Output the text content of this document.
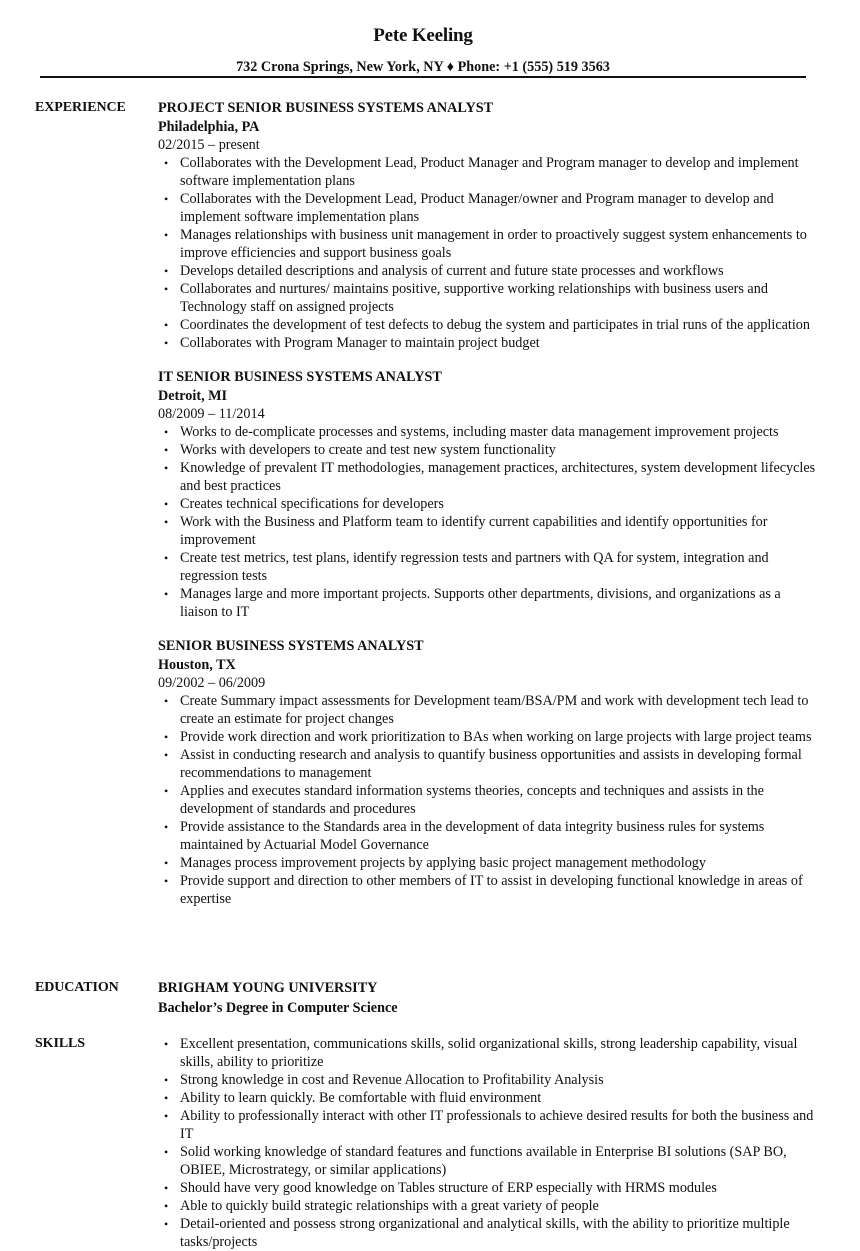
Pete Keeling
732 Crona Springs, New York, NY ♦ Phone: +1 (555) 519 3563
EXPERIENCE PROJECT SENIOR BUSINESS SYSTEMS ANALYST
Philadelphia, PA
02/2015 – present
• Collaborates with the Development Lead, Product Manager and Program manager to develop and implement software implementation plans
• Collaborates with the Development Lead, Product Manager/owner and Program manager to develop and implement software implementation plans
• Manages relationships with business unit management in order to proactively suggest system enhancements to improve efficiencies and support business goals
• Develops detailed descriptions and analysis of current and future state processes and workflows
• Collaborates and nurtures/ maintains positive, supportive working relationships with business users and Technology staff on assigned projects
• Coordinates the development of test defects to debug the system and participates in trial runs of the application
• Collaborates with Program Manager to maintain project budget
IT SENIOR BUSINESS SYSTEMS ANALYST
Detroit, MI
08/2009 – 11/2014
• Works to de-complicate processes and systems, including master data management improvement projects
• Works with developers to create and test new system functionality
• Knowledge of prevalent IT methodologies, management practices, architectures, system development lifecycles and best practices
• Creates technical specifications for developers
• Work with the Business and Platform team to identify current capabilities and identify opportunities for improvement
• Create test metrics, test plans, identify regression tests and partners with QA for system, integration and regression tests
• Manages large and more important projects. Supports other departments, divisions, and organizations as a liaison to IT
SENIOR BUSINESS SYSTEMS ANALYST
Houston, TX
09/2002 – 06/2009
• Create Summary impact assessments for Development team/BSA/PM and work with development tech lead to create an estimate for project changes
• Provide work direction and work prioritization to BAs when working on large projects with large project teams
• Assist in conducting research and analysis to quantify business opportunities and assists in developing formal recommendations to management
• Applies and executes standard information systems theories, concepts and techniques and assists in the development of standards and procedures
• Provide assistance to the Standards area in the development of data integrity business rules for systems maintained by Actuarial Model Governance
• Manages process improvement projects by applying basic project management methodology
• Provide support and direction to other members of IT to assist in developing functional knowledge in areas of expertise
EDUCATION	BRIGHAM YOUNG UNIVERSITY
Bachelor’s Degree in Computer Science
SKILLS	• Excellent presentation, communications skills, solid organizational skills, strong leadership capability, visual skills, ability to prioritize
• Strong knowledge in cost and Revenue Allocation to Profitability Analysis
• Ability to learn quickly. Be comfortable with fluid environment
• Ability to professionally interact with other IT professionals to achieve desired results for both the business and IT
• Solid working knowledge of standard features and functions available in Enterprise BI solutions (SAP BO, OBIEE, Microstrategy, or similar applications)
• Should have very good knowledge on Tables structure of ERP especially with HRMS modules
• Able to quickly build strategic relationships with a great variety of people
• Detail-oriented and possess strong organizational and analytical skills, with the ability to prioritize multiple tasks/projects
